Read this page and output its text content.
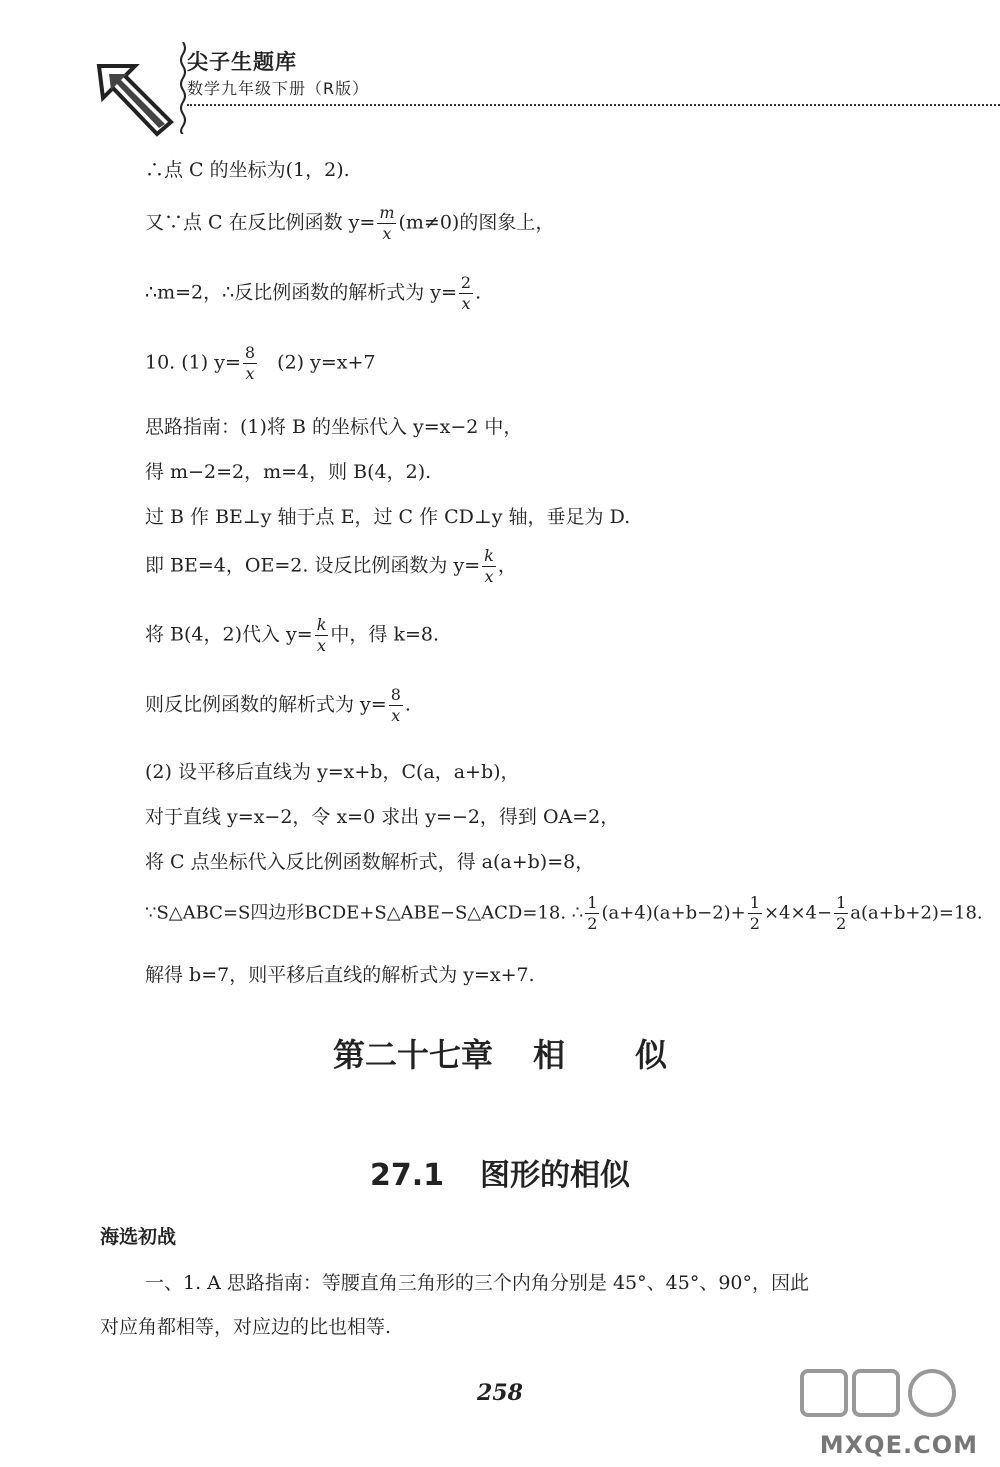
尖子生题库
数学九年级下册（R版）
∴点 C 的坐标为(1，2).
又∵点 C 在反比例函数 $y= \frac{m}{x} (m\ne 0)$的图象上，
∴m=2，∴反比例函数的解析式为 $y= \frac{2}{x}$ .
10. (1) $y= \frac{8}{x} (2)$ y=x+7
思路指南：(1)将 B 的坐标代入 y=x−2 中，
得 m−2=2，m=4，则 B(4，2).
过 B 作 BE⊥y 轴于点 E，过 C 作 CD⊥y 轴，垂足为 D.
即 BE=4，OE=2. 设反比例函数为 $y= \frac{k}{x}$ ，
将 B(4，2)代入 $y= \frac{k}{x}$ 中，得 k=8.
则反比例函数的解析式为 $y= \frac{8}{x}$ .
(2) 设平移后直线为 y=x+b，C(a，a+b)，
对于直线 y=x−2，令 x=0 求出 y=−2，得到 OA=2，
将 C 点坐标代入反比例函数解析式，得 a(a+b)=8，
∵S△ABC=S四边形BCDE+S△ABE−S△ACD=18. ∴ $\frac{1}{2} (a+4)(a+b-2)+ \frac{1}{2} \times 4\times 4- \frac{1}{2} a(a+b+2)=18$.
解得 b=7，则平移后直线的解析式为 y=x+7.
第二十七章 相 似
27.1 图形的相似
海选初战
一、1. A 思路指南：等腰直角三角形的三个内角分别是 45°、45°、90°，因此
对应角都相等，对应边的比也相等.
258
MXQE.COM
